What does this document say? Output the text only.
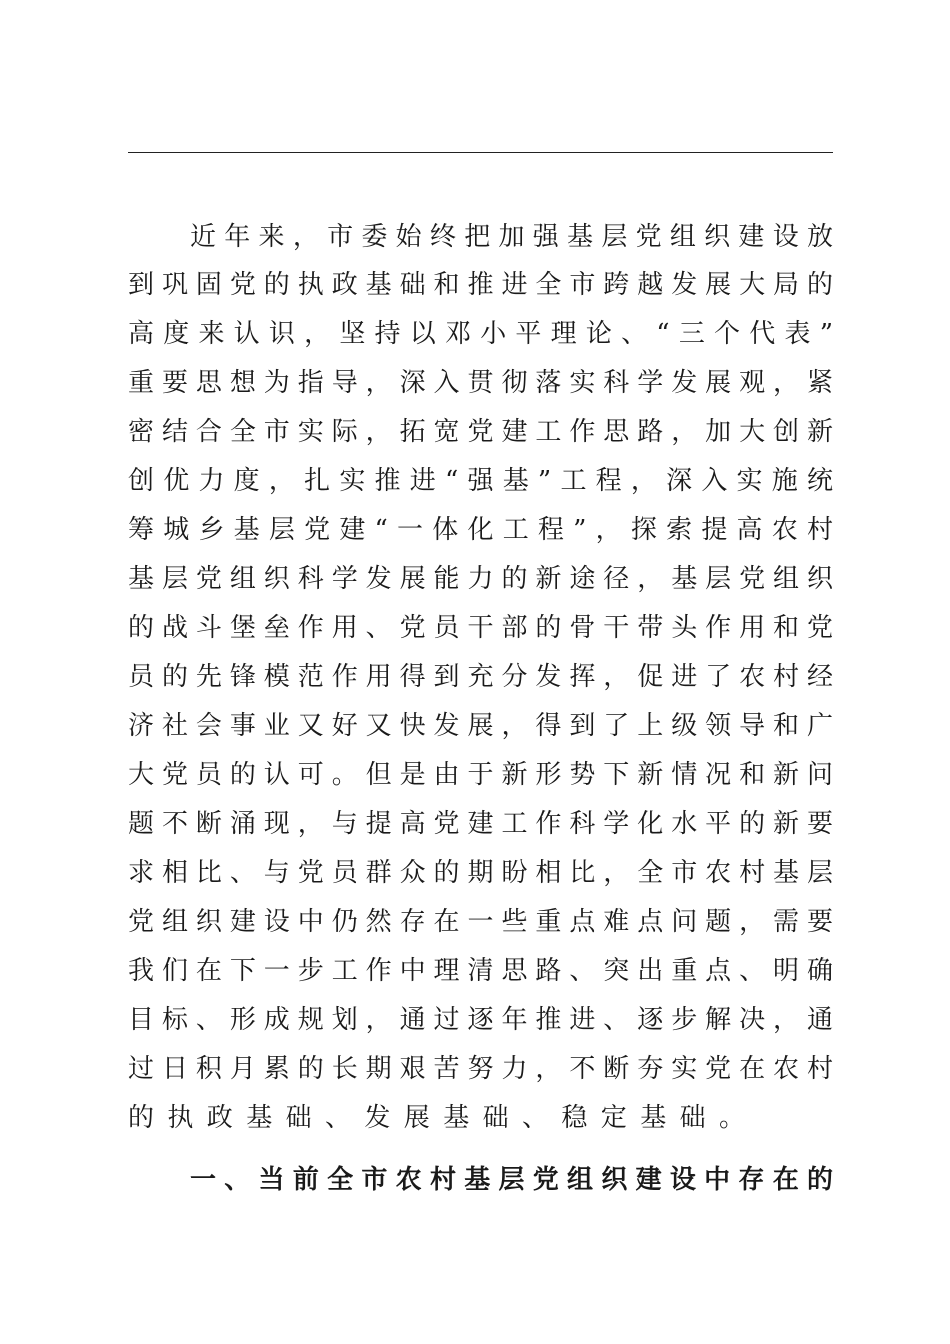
近年来，市委始终把加强基层党组织建设放
到巩固党的执政基础和推进全市跨越发展大局的
高度来认识，坚持以邓小平理论、“三个代表”
重要思想为指导，深入贯彻落实科学发展观，紧
密结合全市实际，拓宽党建工作思路，加大创新
创优力度，扎实推进“强基”工程，深入实施统
筹城乡基层党建“一体化工程”，探索提高农村
基层党组织科学发展能力的新途径，基层党组织
的战斗堡垒作用、党员干部的骨干带头作用和党
员的先锋模范作用得到充分发挥，促进了农村经
济社会事业又好又快发展，得到了上级领导和广
大党员的认可。但是由于新形势下新情况和新问
题不断涌现，与提高党建工作科学化水平的新要
求相比、与党员群众的期盼相比，全市农村基层
党组织建设中仍然存在一些重点难点问题，需要
我们在下一步工作中理清思路、突出重点、明确
目标、形成规划，通过逐年推进、逐步解决，通
过日积月累的长期艰苦努力，不断夯实党在农村
的执政基础、发展基础、稳定基础。
一、当前全市农村基层党组织建设中存在的
